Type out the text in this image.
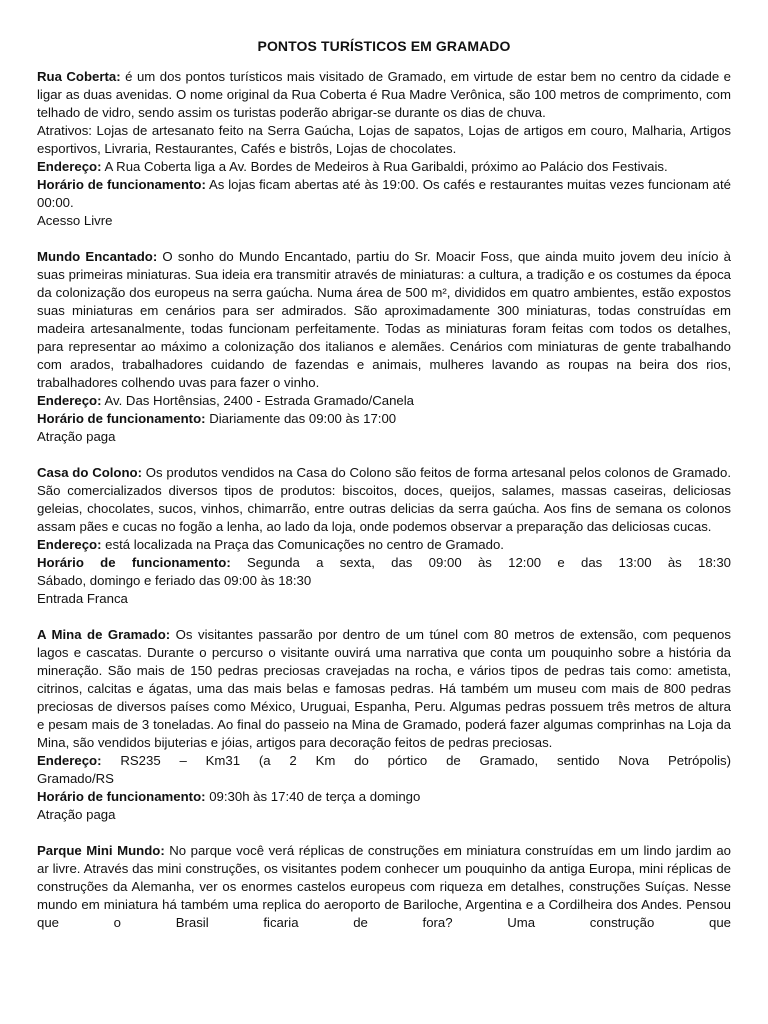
PONTOS TURÍSTICOS EM GRAMADO

Rua Coberta: é um dos pontos turísticos mais visitado de Gramado, em virtude de estar bem no centro da cidade e ligar as duas avenidas. O nome original da Rua Coberta é Rua Madre Verônica, são 100 metros de comprimento, com telhado de vidro, sendo assim os turistas poderão abrigar-se durante os dias de chuva.

Atrativos: Lojas de artesanato feito na Serra Gaúcha, Lojas de sapatos, Lojas de artigos em couro, Malharia, Artigos esportivos, Livraria, Restaurantes, Cafés e bistrôs, Lojas de chocolates.

Endereço: A Rua Coberta liga a Av. Bordes de Medeiros à Rua Garibaldi, próximo ao Palácio dos Festivais.

Horário de funcionamento: As lojas ficam abertas até às 19:00. Os cafés e restaurantes muitas vezes funcionam até 00:00.

Acesso Livre

Mundo Encantado: O sonho do Mundo Encantado, partiu do Sr. Moacir Foss, que ainda muito jovem deu início à suas primeiras miniaturas. Sua ideia era transmitir através de miniaturas: a cultura, a tradição e os costumes da época da colonização dos europeus na serra gaúcha. Numa área de 500 m², divididos em quatro ambientes, estão expostos suas miniaturas em cenários para ser admirados. São aproximadamente 300 miniaturas, todas construídas em madeira artesanalmente, todas funcionam perfeitamente. Todas as miniaturas foram feitas com todos os detalhes, para representar ao máximo a colonização dos italianos e alemães. Cenários com miniaturas de gente trabalhando com arados, trabalhadores cuidando de fazendas e animais, mulheres lavando as roupas na beira dos rios, trabalhadores colhendo uvas para fazer o vinho.

Endereço: Av. Das Hortênsias, 2400 - Estrada Gramado/Canela

Horário de funcionamento: Diariamente das 09:00 às 17:00

Atração paga

Casa do Colono: Os produtos vendidos na Casa do Colono são feitos de forma artesanal pelos colonos de Gramado. São comercializados diversos tipos de produtos: biscoitos, doces, queijos, salames, massas caseiras, deliciosas geleias, chocolates, sucos, vinhos, chimarrão, entre outras delicias da serra gaúcha. Aos fins de semana os colonos assam pães e cucas no fogão a lenha, ao lado da loja, onde podemos observar a preparação das deliciosas cucas.

Endereço: está localizada na Praça das Comunicações no centro de Gramado.

Horário de funcionamento: Segunda a sexta, das 09:00 às 12:00 e das 13:00 às 18:30

Sábado, domingo e feriado das 09:00 às 18:30

Entrada Franca

A Mina de Gramado: Os visitantes passarão por dentro de um túnel com 80 metros de extensão, com pequenos lagos e cascatas. Durante o percurso o visitante ouvirá uma narrativa que conta um pouquinho sobre a história da mineração. São mais de 150 pedras preciosas cravejadas na rocha, e vários tipos de pedras tais como: ametista, citrinos, calcitas e ágatas, uma das mais belas e famosas pedras. Há também um museu com mais de 800 pedras preciosas de diversos países como México, Uruguai, Espanha, Peru. Algumas pedras possuem três metros de altura e pesam mais de 3 toneladas. Ao final do passeio na Mina de Gramado, poderá fazer algumas comprinhas na Loja da Mina, são vendidos bijuterias e jóias, artigos para decoração feitos de pedras preciosas.

Endereço: RS235 – Km31 (a 2 Km do pórtico de Gramado, sentido Nova Petrópolis)

Gramado/RS

Horário de funcionamento: 09:30h às 17:40 de terça a domingo

Atração paga

Parque Mini Mundo: No parque você verá réplicas de construções em miniatura construídas em um lindo jardim ao ar livre. Através das mini construções, os visitantes podem conhecer um pouquinho da antiga Europa, mini réplicas de construções da Alemanha, ver os enormes castelos europeus com riqueza em detalhes, construções Suíças. Nesse mundo em miniatura há também uma replica do aeroporto de Bariloche, Argentina e a Cordilheira dos Andes. Pensou que o Brasil ficaria de fora? Uma construção que
